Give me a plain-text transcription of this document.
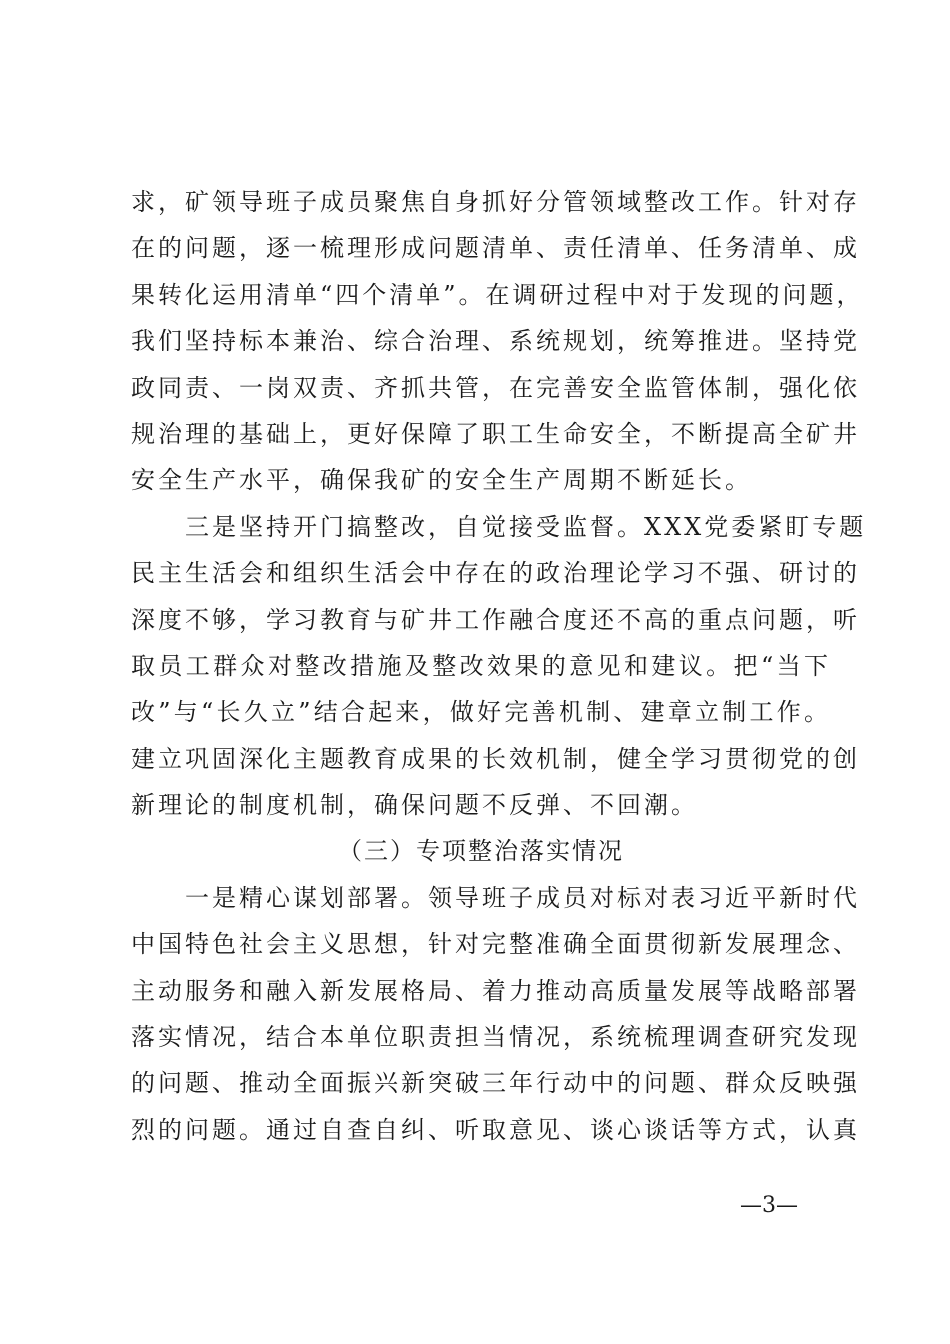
求，矿领导班子成员聚焦自身抓好分管领域整改工作。针对存
在的问题，逐一梳理形成问题清单、责任清单、任务清单、成
果转化运用清单“四个清单”。在调研过程中对于发现的问题，
我们坚持标本兼治、综合治理、系统规划，统筹推进。坚持党
政同责、一岗双责、齐抓共管，在完善安全监管体制，强化依
规治理的基础上，更好保障了职工生命安全，不断提高全矿井
安全生产水平，确保我矿的安全生产周期不断延长。
　　三是坚持开门搞整改，自觉接受监督。XXX党委紧盯专题
民主生活会和组织生活会中存在的政治理论学习不强、研讨的
深度不够，学习教育与矿井工作融合度还不高的重点问题，听
取员工群众对整改措施及整改效果的意见和建议。把“当下
改”与“长久立”结合起来，做好完善机制、建章立制工作。
建立巩固深化主题教育成果的长效机制，健全学习贯彻党的创
新理论的制度机制，确保问题不反弹、不回潮。
（三）专项整治落实情况
　　一是精心谋划部署。领导班子成员对标对表习近平新时代
中国特色社会主义思想，针对完整准确全面贯彻新发展理念、
主动服务和融入新发展格局、着力推动高质量发展等战略部署
落实情况，结合本单位职责担当情况，系统梳理调查研究发现
的问题、推动全面振兴新突破三年行动中的问题、群众反映强
烈的问题。通过自查自纠、听取意见、谈心谈话等方式，认真
—3—
